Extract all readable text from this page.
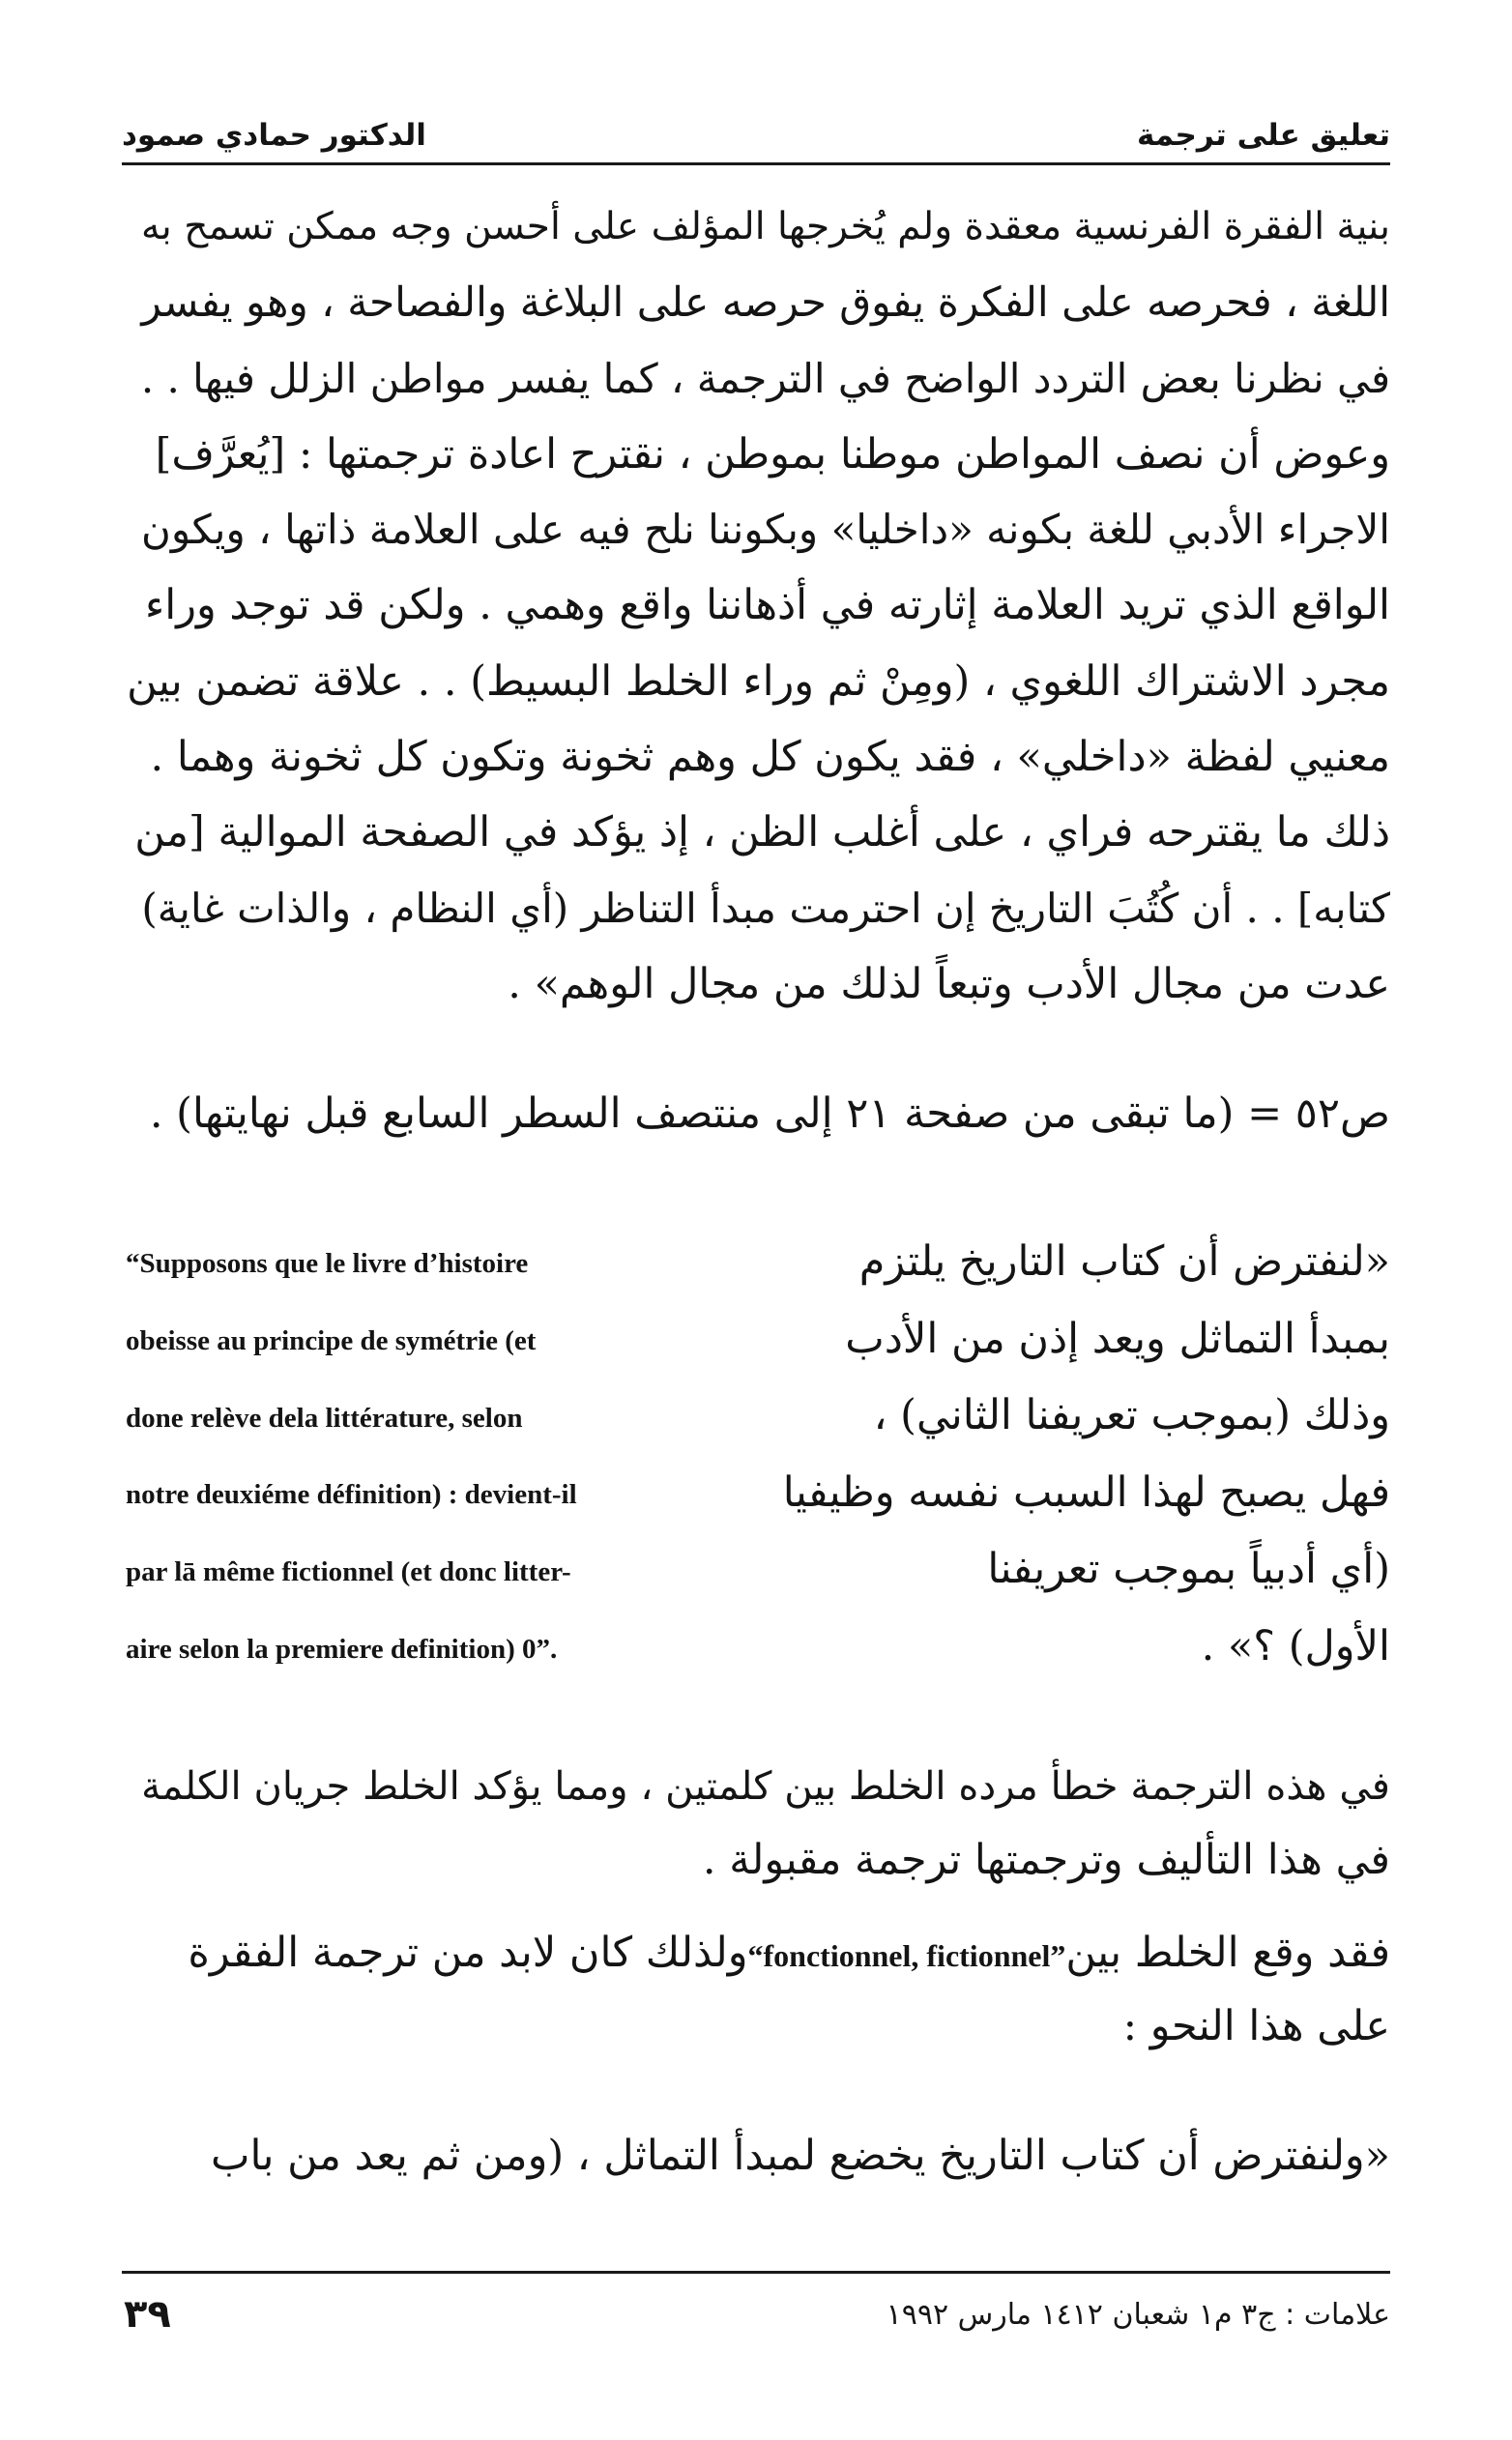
تعليق على ترجمة
الدكتور حمادي صمود
بنية الفقرة الفرنسية معقدة ولم يُخرجها المؤلف على أحسن وجه ممكن تسمح به
اللغة ، فحرصه على الفكرة يفوق حرصه على البلاغة والفصاحة ، وهو يفسر
في نظرنا بعض التردد الواضح في الترجمة ، كما يفسر مواطن الزلل فيها . .
وعوض أن نصف المواطن موطنا بموطن ، نقترح اعادة ترجمتها : [يُعرَّف]
الاجراء الأدبي للغة بكونه «داخليا» وبكوننا نلح فيه على العلامة ذاتها ، ويكون
الواقع الذي تريد العلامة إثارته في أذهاننا واقع وهمي . ولكن قد توجد وراء
مجرد الاشتراك اللغوي ، (ومِنْ ثم وراء الخلط البسيط) . . علاقة تضمن بين
معنيي لفظة «داخلي» ، فقد يكون كل وهم ثخونة وتكون كل ثخونة وهما .
ذلك ما يقترحه فراي ، على أغلب الظن ، إذ يؤكد في الصفحة الموالية [من
كتابه] . . أن كُتُبَ التاريخ إن احترمت مبدأ التناظر (أي النظام ، والذات غاية)
عدت من مجال الأدب وتبعاً لذلك من مجال الوهم» .
ص٥٢ = (ما تبقى من صفحة ٢١ إلى منتصف السطر السابع قبل نهايتها) .
«لنفترض أن كتاب التاريخ يلتزم
بمبدأ التماثل ويعد إذن من الأدب
وذلك (بموجب تعريفنا الثاني) ،
فهل يصبح لهذا السبب نفسه وظيفيا
(أي أدبياً بموجب تعريفنا
الأول) ؟» .
“Supposons que le livre d’histoire
obeisse au principe de symétrie (et
done relève dela littérature, selon
notre deuxiéme définition) : devient-il
par lā même fictionnel (et donc litter-
aire selon la premiere definition) 0”.
في هذه الترجمة خطأ مرده الخلط بين كلمتين ، ومما يؤكد الخلط جريان الكلمة
في هذا التأليف وترجمتها ترجمة مقبولة .
فقد وقع الخلط بين“fonctionnel, fictionnel”ولذلك كان لابد من ترجمة الفقرة
على هذا النحو :
«ولنفترض أن كتاب التاريخ يخضع لمبدأ التماثل ، (ومن ثم يعد من باب
٣٩	علامات : ج٣ م١ شعبان ١٤١٢ مارس ١٩٩٢
